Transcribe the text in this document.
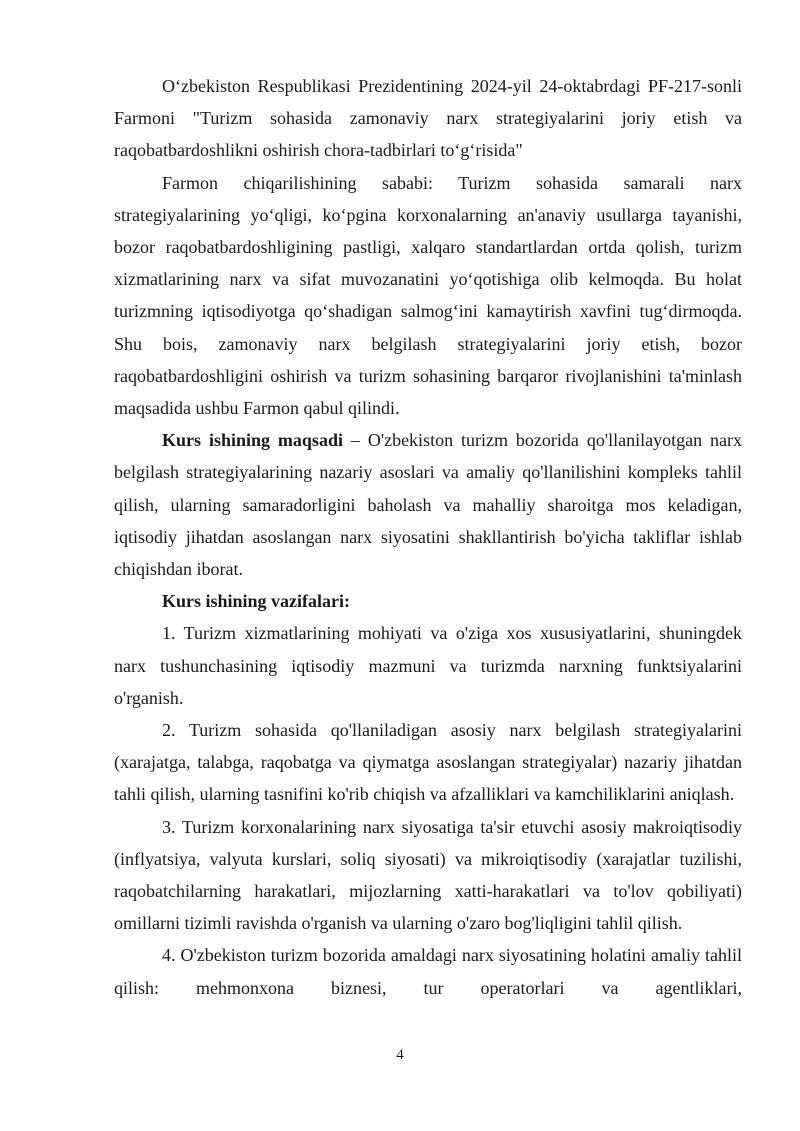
O‘zbekiston Respublikasi Prezidentining 2024-yil 24-oktabrdagi PF-217-sonli Farmoni "Turizm sohasida zamonaviy narx strategiyalarini joriy etish va raqobatbardoshlikni oshirish chora-tadbirlari to‘g‘risida"

Farmon chiqarilishining sababi: Turizm sohasida samarali narx strategiyalarining yo‘qligi, ko‘pgina korxonalarning an'anaviy usullarga tayanishi, bozor raqobatbardoshligining pastligi, xalqaro standartlardan ortda qolish, turizm xizmatlarining narx va sifat muvozanatini yo‘qotishiga olib kelmoqda. Bu holat turizmning iqtisodiyotga qo‘shadigan salmog‘ini kamaytirish xavfini tug‘dirmoqda. Shu bois, zamonaviy narx belgilash strategiyalarini joriy etish, bozor raqobatbardoshligini oshirish va turizm sohasining barqaror rivojlanishini ta'minlash maqsadida ushbu Farmon qabul qilindi.

Kurs ishining maqsadi – O'zbekiston turizm bozorida qo'llanilayotgan narx belgilash strategiyalarining nazariy asoslari va amaliy qo'llanilishini kompleks tahlil qilish, ularning samaradorligini baholash va mahalliy sharoitga mos keladigan, iqtisodiy jihatdan asoslangan narx siyosatini shakllantirish bo'yicha takliflar ishlab chiqishdan iborat.

Kurs ishining vazifalari:

1. Turizm xizmatlarining mohiyati va o'ziga xos xususiyatlarini, shuningdek narx tushunchasining iqtisodiy mazmuni va turizmda narxning funktsiyalarini o'rganish.

2. Turizm sohasida qo'llaniladigan asosiy narx belgilash strategiyalarini (xarajatga, talabga, raqobatga va qiymatga asoslangan strategiyalar) nazariy jihatdan tahli qilish, ularning tasnifini ko'rib chiqish va afzalliklari va kamchiliklarini aniqlash.

3. Turizm korxonalarining narx siyosatiga ta'sir etuvchi asosiy makroiqtisodiy (inflyatsiya, valyuta kurslari, soliq siyosati) va mikroiqtisodiy (xarajatlar tuzilishi, raqobatchilarning harakatlari, mijozlarning xatti-harakatlari va to'lov qobiliyati) omillarni tizimli ravishda o'rganish va ularning o'zaro bog'liqligini tahlil qilish.

4. O'zbekiston turizm bozorida amaldagi narx siyosatining holatini amaliy tahlil qilish: mehmonxona biznesi, tur operatorlari va agentliklari,

4
